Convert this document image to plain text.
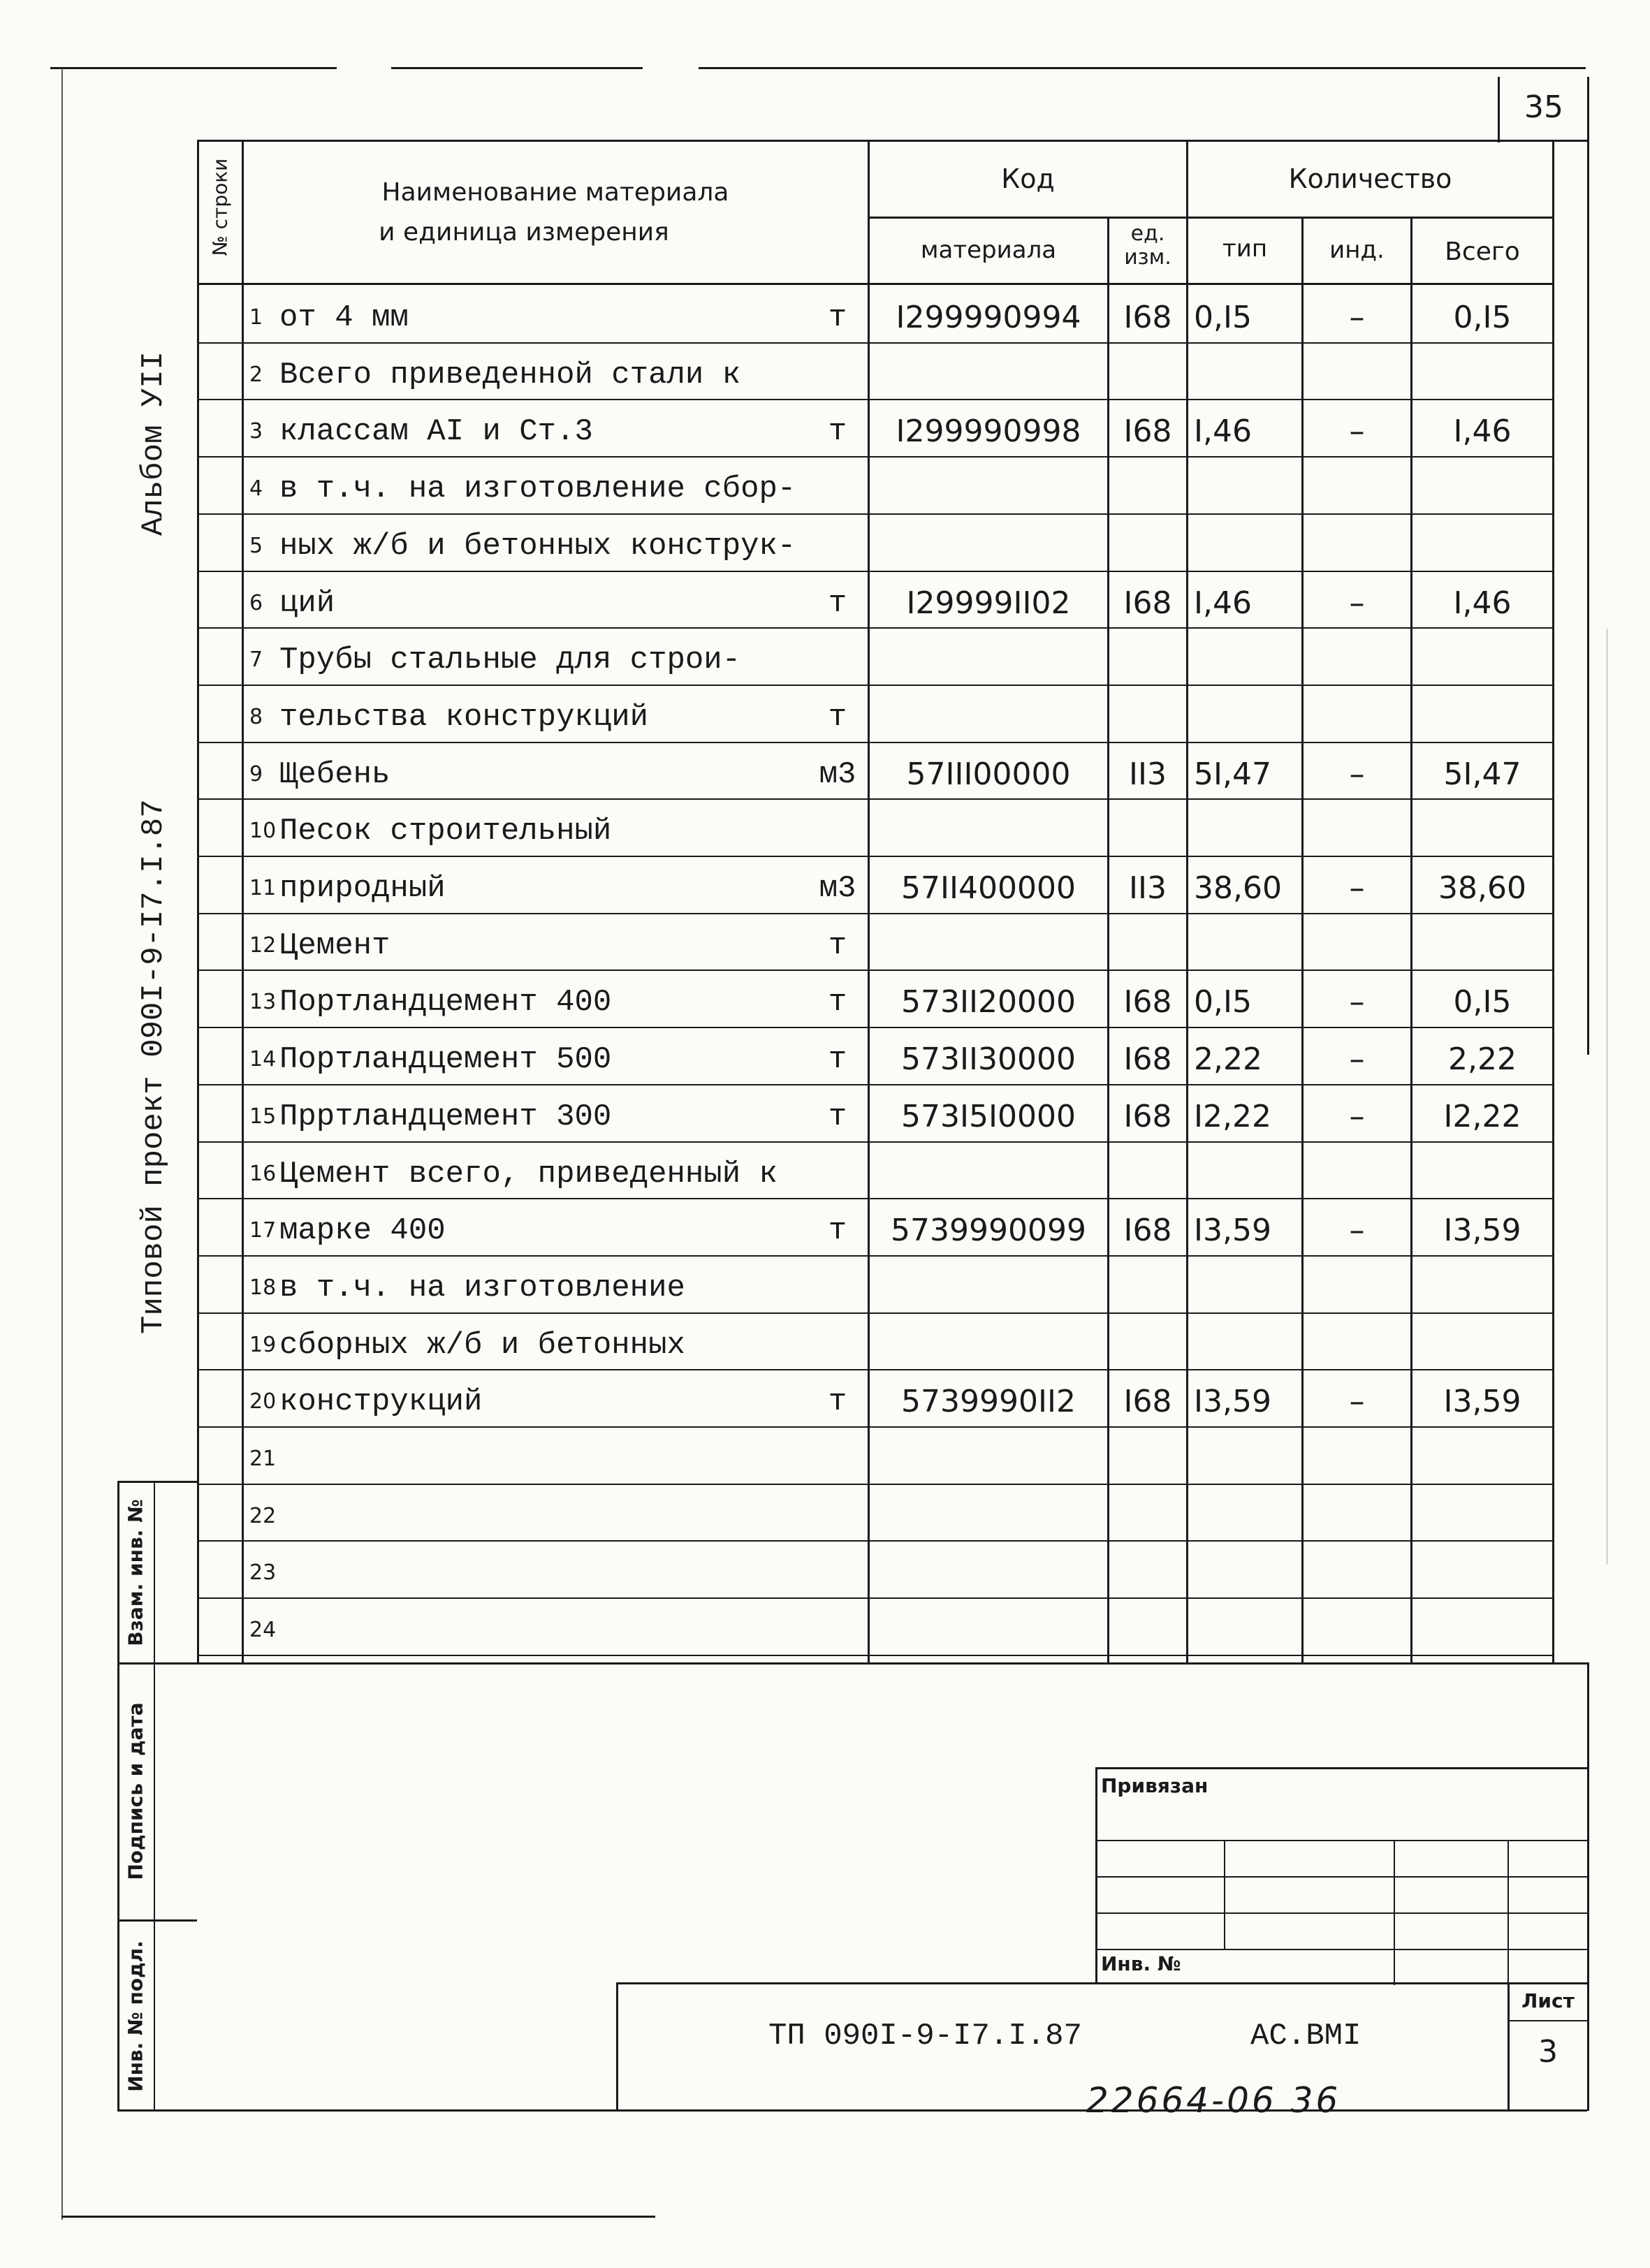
35
Альбом УII
Типовой проект 090I-9-I7.I.87
№ строки	Наименование материала
и единица измерения
Код
материала
ед. изм.
Количество
тип	инд.	Всего
1 от 4 мм	т	I299990994	I68 0,I5	–	0,I5
2 Всего приведенной стали к
3 классам AI и Ст.3	т	I299990998	I68 I,46	–	I,46
4 в т.ч. на изготовление сбор-
5 ных ж/б и бетонных конструк-
6 ций	т	I29999II02	I68 I,46	–	I,46
7 Трубы стальные для строи-
8 тельства конструкций	т
9 Щебень	м3	57III00000	II3 5I,47	–	5I,47
10 Песок строительный
11 природный	м3	57II400000	II3 38,60	–	38,60
12 Цемент	т
13 Портландцемент 400	т	573II20000	I68 0,I5	–	0,I5
14 Портландцемент 500	т	573II30000	I68 2,22	–	2,22
15 Прртландцемент 300	т	573I5I0000	I68 I2,22	–	I2,22
16 Цемент всего, приведенный к
17 марке 400	т	5739990099	I68 I3,59	–	I3,59
18 в т.ч. на изготовление
19 сборных ж/б и бетонных
20 конструкций	т	5739990II2	I68 I3,59	–	I3,59
21
22
23
24
Взам. инв. №
Подпись и дата
Инв. № подл.
Привязан
Инв. №
ТП 090I-9-I7.I.87	АС.ВМI
Лист
3
22664-06 36
